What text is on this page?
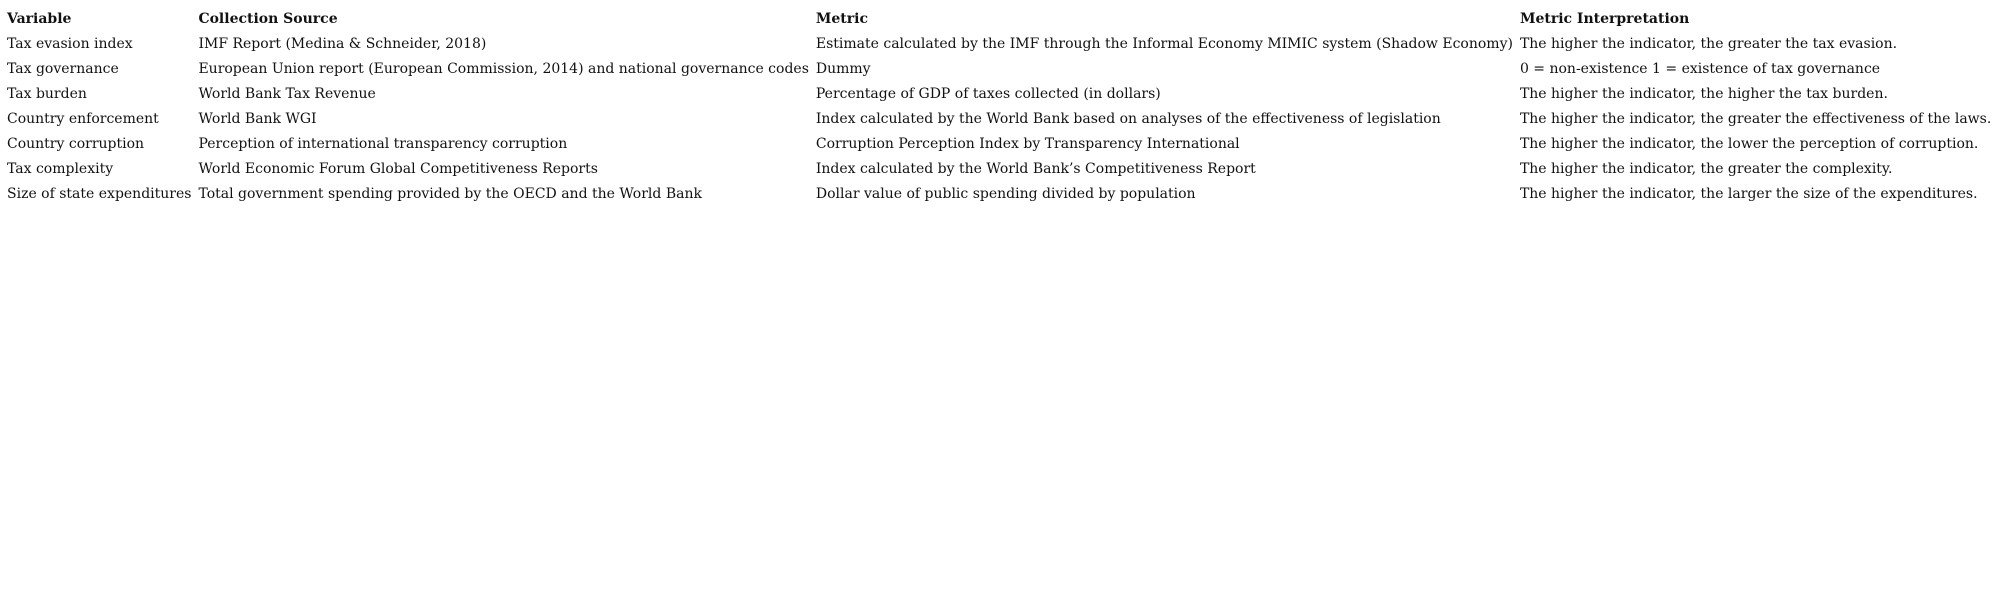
Variable	Collection Source	Metric	Metric Interpretation
Tax evasion index	IMF Report (Medina & Schneider, 2018)	Estimate calculated by the IMF through the Informal Economy MIMIC system (Shadow Economy)	The higher the indicator, the greater the tax evasion.
Tax governance	European Union report (European Commission, 2014) and national governance codes	Dummy	0 = non-existence 1 = existence of tax governance
Tax burden	World Bank Tax Revenue	Percentage of GDP of taxes collected (in dollars)	The higher the indicator, the higher the tax burden.
Country enforcement	World Bank WGI	Index calculated by the World Bank based on analyses of the effectiveness of legislation	The higher the indicator, the greater the effectiveness of the laws.
Country corruption	Perception of international transparency corruption	Corruption Perception Index by Transparency International	The higher the indicator, the lower the perception of corruption.
Tax complexity	World Economic Forum Global Competitiveness Reports	Index calculated by the World Bank’s Competitiveness Report	The higher the indicator, the greater the complexity.
Size of state expenditures	Total government spending provided by the OECD and the World Bank	Dollar value of public spending divided by population	The higher the indicator, the larger the size of the expenditures.
